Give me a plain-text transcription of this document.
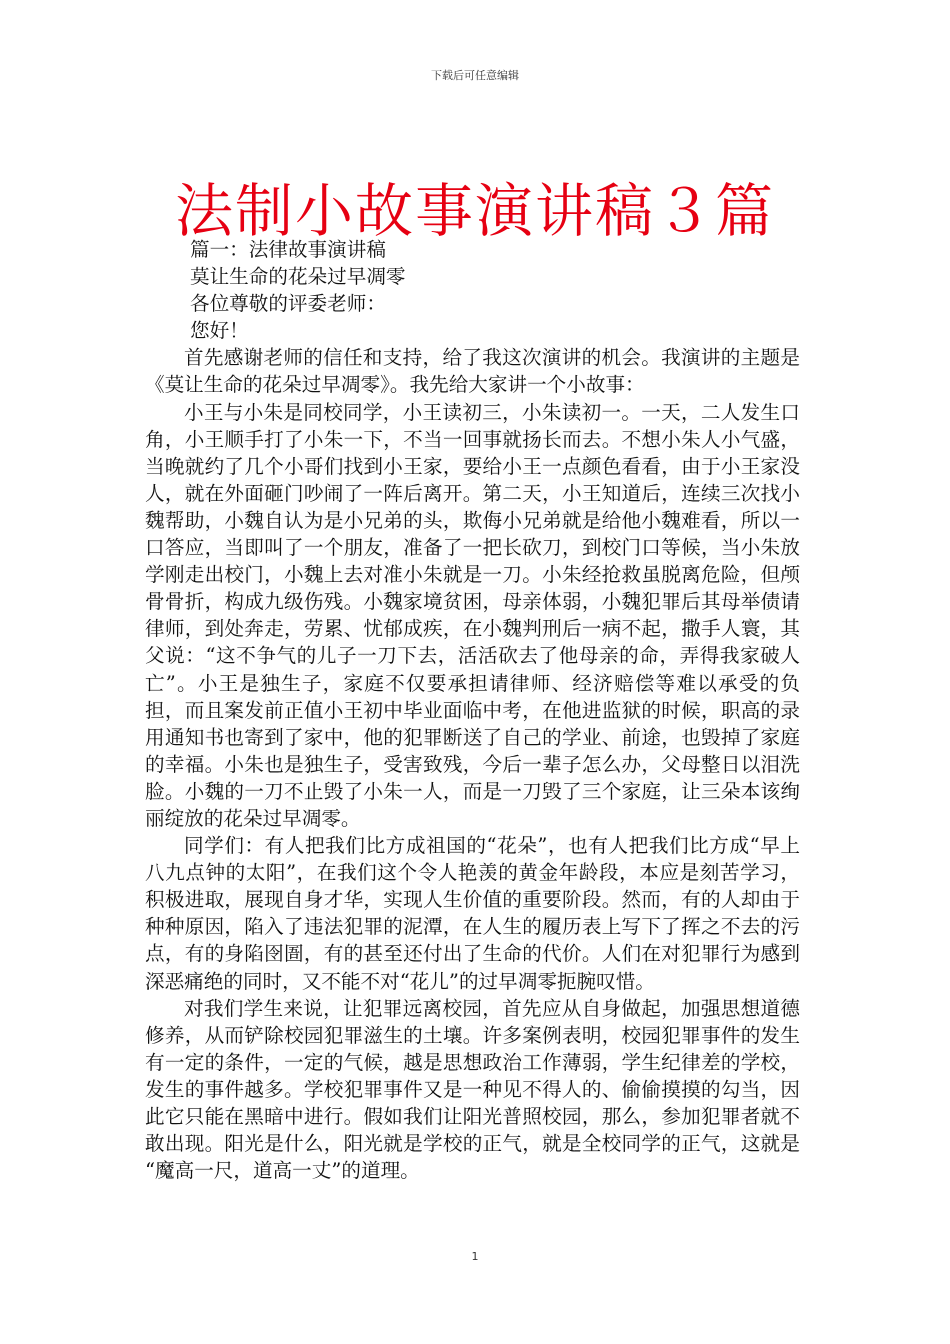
下载后可任意编辑
法制小故事演讲稿３篇

篇一：法律故事演讲稿

莫让生命的花朵过早凋零

各位尊敬的评委老师：

您好！

首先感谢老师的信任和支持，给了我这次演讲的机会。我演讲的主题是《莫让生命的花朵过早凋零》。我先给大家讲一个小故事：

小王与小朱是同校同学，小王读初三，小朱读初一。一天，二人发生口角，小王顺手打了小朱一下，不当一回事就扬长而去。不想小朱人小气盛，当晚就约了几个小哥们找到小王家，要给小王一点颜色看看，由于小王家没人，就在外面砸门吵闹了一阵后离开。第二天，小王知道后，连续三次找小魏帮助，小魏自认为是小兄弟的头，欺侮小兄弟就是给他小魏难看，所以一口答应，当即叫了一个朋友，准备了一把长砍刀，到校门口等候，当小朱放学刚走出校门，小魏上去对准小朱就是一刀。小朱经抢救虽脱离危险，但颅骨骨折，构成九级伤残。小魏家境贫困，母亲体弱，小魏犯罪后其母举债请律师，到处奔走，劳累、忧郁成疾，在小魏判刑后一病不起，撒手人寰，其父说：“这不争气的儿子一刀下去，活活砍去了他母亲的命，弄得我家破人亡”。小王是独生子，家庭不仅要承担请律师、经济赔偿等难以承受的负担，而且案发前正值小王初中毕业面临中考，在他进监狱的时候，职高的录用通知书也寄到了家中，他的犯罪断送了自己的学业、前途，也毁掉了家庭的幸福。小朱也是独生子，受害致残，今后一辈子怎么办，父母整日以泪洗脸。小魏的一刀不止毁了小朱一人，而是一刀毁了三个家庭，让三朵本该绚丽绽放的花朵过早凋零。

同学们：有人把我们比方成祖国的“花朵”，也有人把我们比方成“早上八九点钟的太阳”，在我们这个令人艳羡的黄金年龄段，本应是刻苦学习，积极进取，展现自身才华，实现人生价值的重要阶段。然而，有的人却由于种种原因，陷入了违法犯罪的泥潭，在人生的履历表上写下了挥之不去的污点，有的身陷囹圄，有的甚至还付出了生命的代价。人们在对犯罪行为感到深恶痛绝的同时，又不能不对“花儿”的过早凋零扼腕叹惜。

对我们学生来说，让犯罪远离校园，首先应从自身做起，加强思想道德修养，从而铲除校园犯罪滋生的土壤。许多案例表明，校园犯罪事件的发生有一定的条件，一定的气候，越是思想政治工作薄弱，学生纪律差的学校，发生的事件越多。学校犯罪事件又是一种见不得人的、偷偷摸摸的勾当，因此它只能在黑暗中进行。假如我们让阳光普照校园，那么，参加犯罪者就不敢出现。阳光是什么，阳光就是学校的正气，就是全校同学的正气，这就是 “魔高一尺，道高一丈”的道理。

1
